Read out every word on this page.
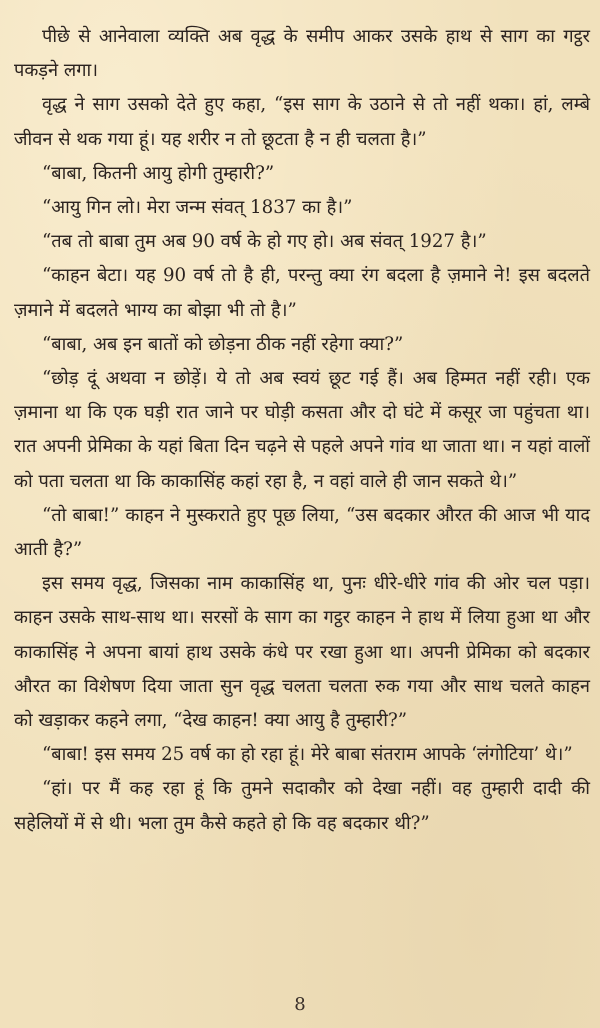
पीछे से आनेवाला व्यक्ति अब वृद्ध के समीप आकर उसके हाथ से साग का गट्ठर पकड़ने लगा।

वृद्ध ने साग उसको देते हुए कहा, “इस साग के उठाने से तो नहीं थका। हां, लम्बे जीवन से थक गया हूं। यह शरीर न तो छूटता है न ही चलता है।”

“बाबा, कितनी आयु होगी तुम्हारी?”

“आयु गिन लो। मेरा जन्म संवत् 1837 का है।”

“तब तो बाबा तुम अब 90 वर्ष के हो गए हो। अब संवत् 1927 है।”

“काहन बेटा। यह 90 वर्ष तो है ही, परन्तु क्या रंग बदला है ज़माने ने! इस बदलते ज़माने में बदलते भाग्य का बोझा भी तो है।”

“बाबा, अब इन बातों को छोड़ना ठीक नहीं रहेगा क्या?”

“छोड़ दूं अथवा न छोड़ें। ये तो अब स्वयं छूट गई हैं। अब हिम्मत नहीं रही। एक ज़माना था कि एक घड़ी रात जाने पर घोड़ी कसता और दो घंटे में कसूर जा पहुंचता था। रात अपनी प्रेमिका के यहां बिता दिन चढ़ने से पहले अपने गांव था जाता था। न यहां वालों को पता चलता था कि काकासिंह कहां रहा है, न वहां वाले ही जान सकते थे।”

“तो बाबा!” काहन ने मुस्कराते हुए पूछ लिया, “उस बदकार औरत की आज भी याद आती है?”

इस समय वृद्ध, जिसका नाम काकासिंह था, पुनः धीरे-धीरे गांव की ओर चल पड़ा। काहन उसके साथ-साथ था। सरसों के साग का गट्ठर काहन ने हाथ में लिया हुआ था और काकासिंह ने अपना बायां हाथ उसके कंधे पर रखा हुआ था। अपनी प्रेमिका को बदकार औरत का विशेषण दिया जाता सुन वृद्ध चलता चलता रुक गया और साथ चलते काहन को खड़ाकर कहने लगा, “देख काहन! क्या आयु है तुम्हारी?”

“बाबा! इस समय 25 वर्ष का हो रहा हूं। मेरे बाबा संतराम आपके ‘लंगोटिया’ थे।”

“हां। पर मैं कह रहा हूं कि तुमने सदाकौर को देखा नहीं। वह तुम्हारी दादी की सहेलियों में से थी। भला तुम कैसे कहते हो कि वह बदकार थी?”

8
